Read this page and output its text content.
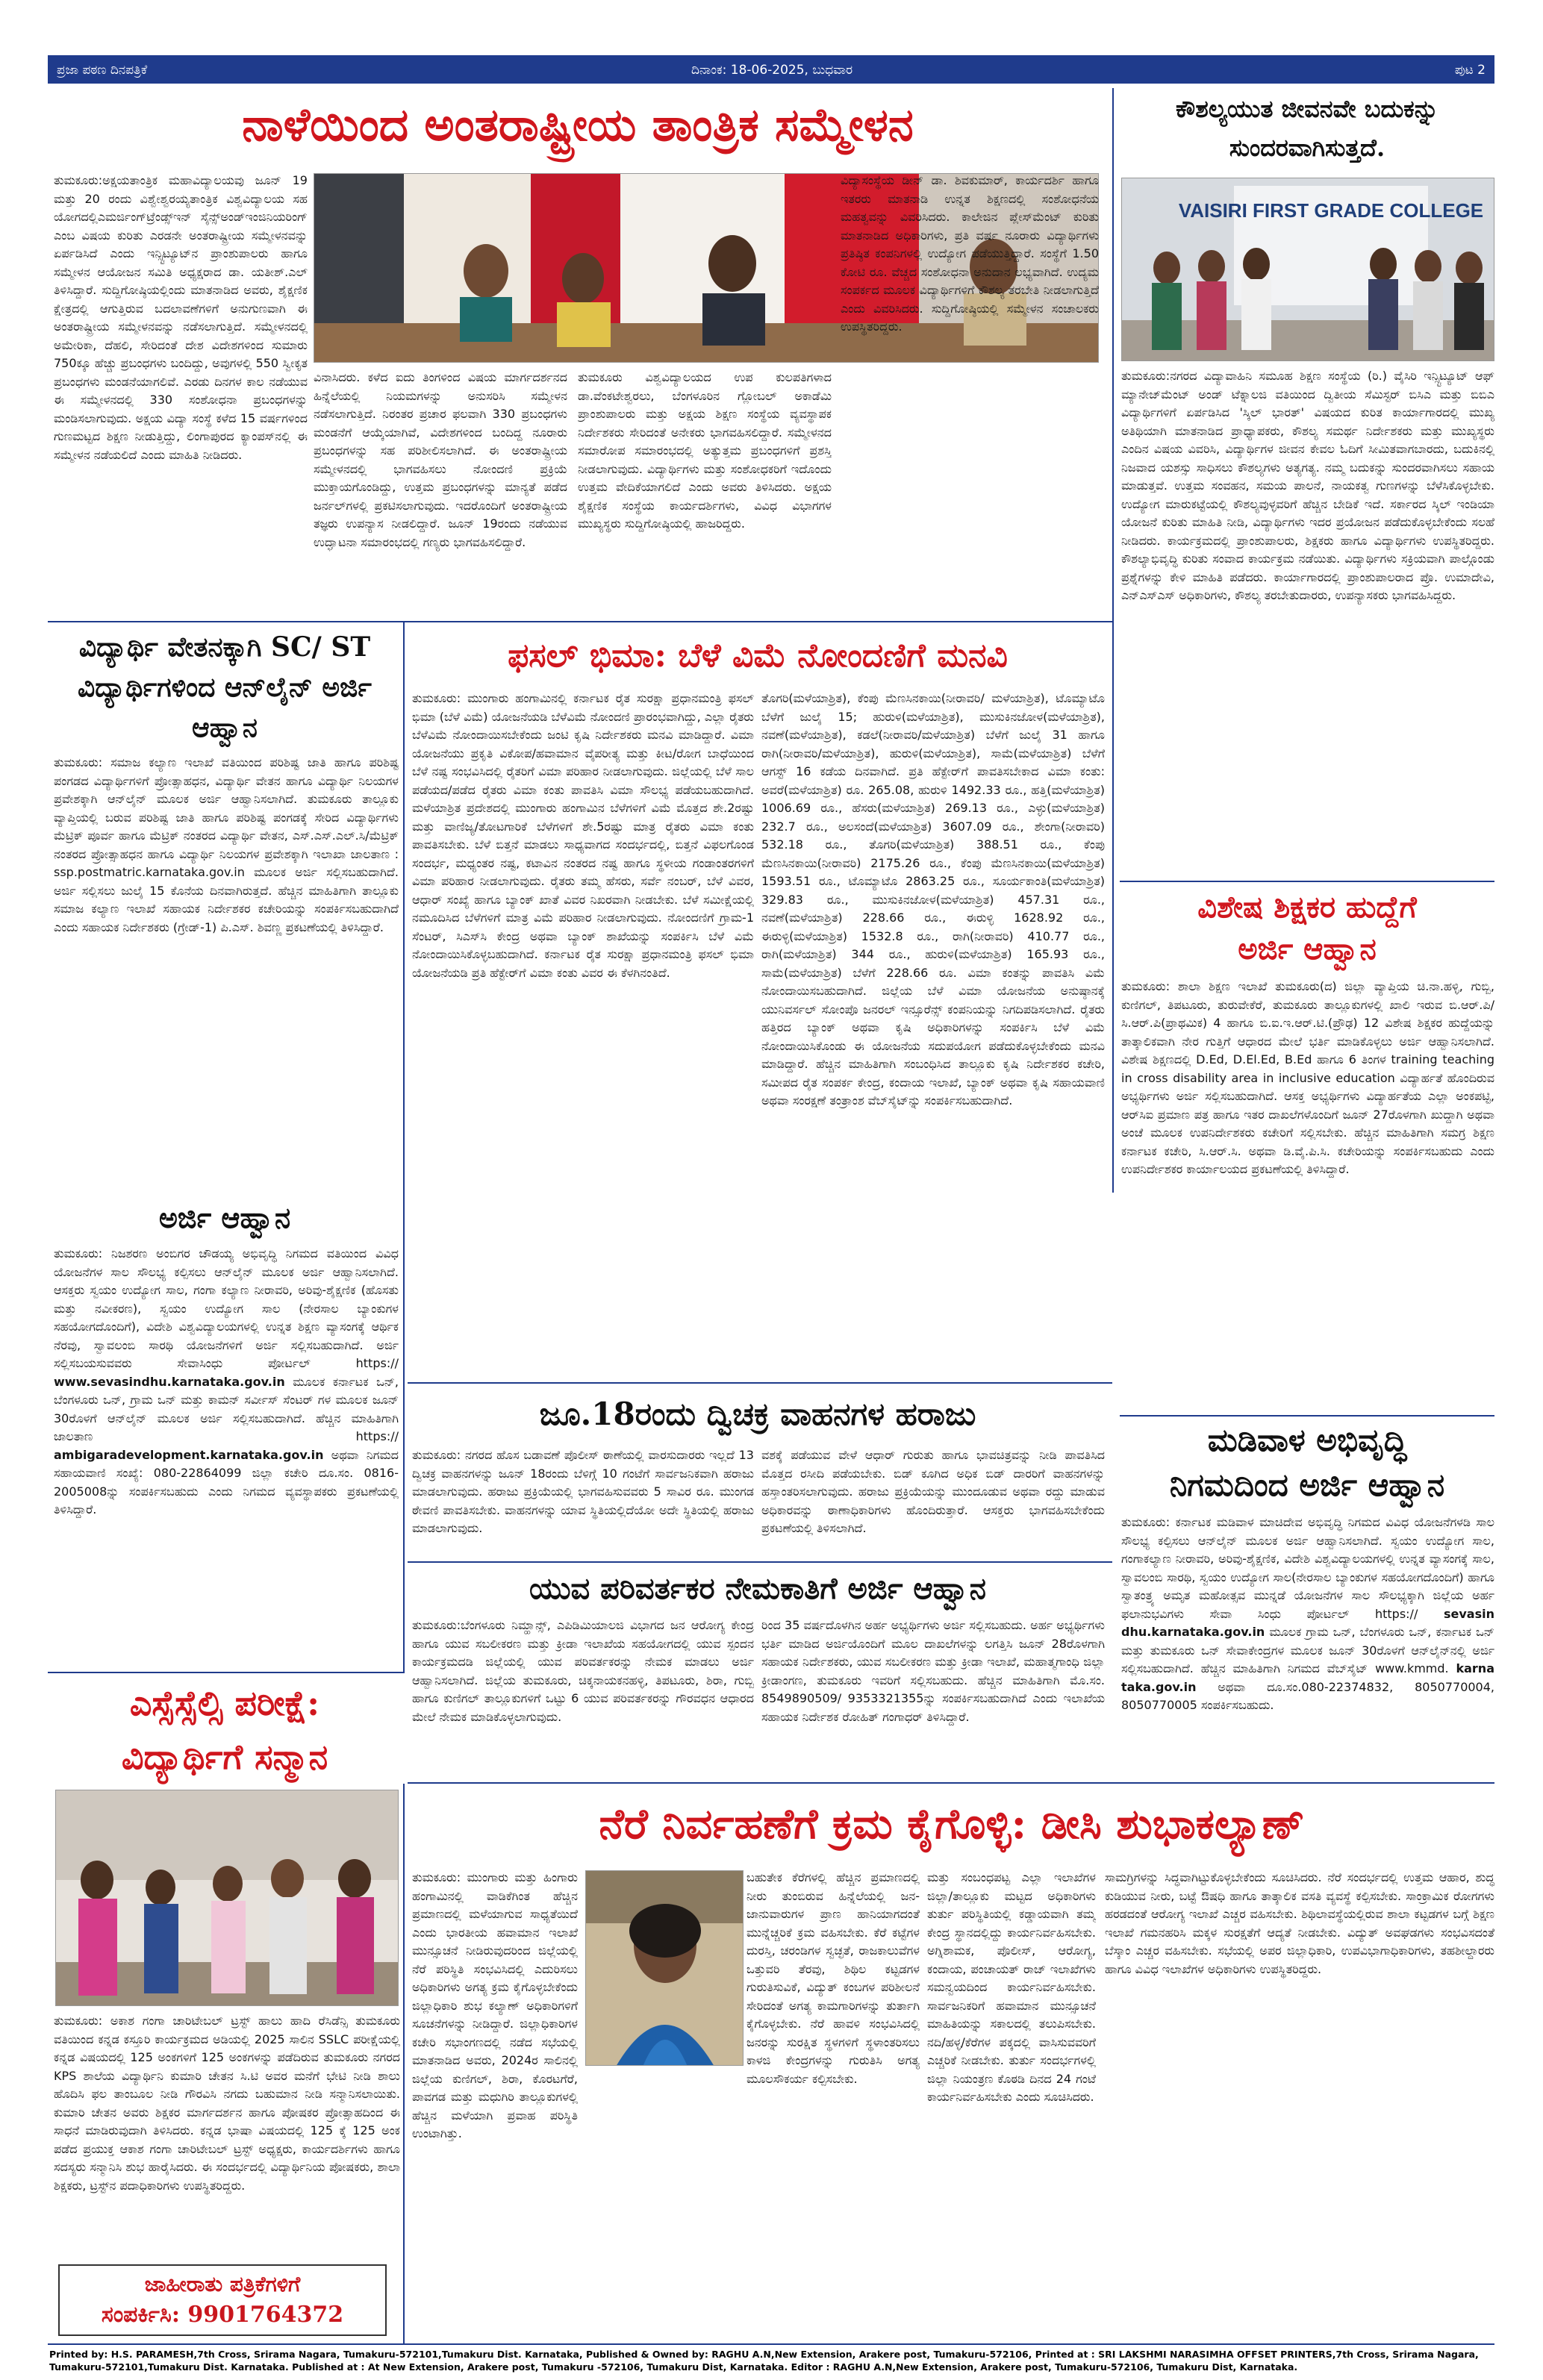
ಪ್ರಜಾ ಪಠಣ ದಿನಪತ್ರಿಕೆ	ದಿನಾಂಕ: 18-06-2025, ಬುಧವಾರ	ಪುಟ 2
ನಾಳೆಯಿಂದ ಅಂತರಾಷ್ಟ್ರೀಯ ತಾಂತ್ರಿಕ ಸಮ್ಮೇಳನ
ತುಮಕೂರು:ಅಕ್ಷಯತಾಂತ್ರಿಕ ಮಹಾವಿದ್ಯಾಲಯವು ಜೂನ್ 19 ಮತ್ತು 20 ರಂದು ವಿಶ್ವೇಶ್ವರಯ್ಯತಾಂತ್ರಿಕ ವಿಶ್ವವಿದ್ಯಾಲಯ ಸಹ ಯೋಗದಲ್ಲಿಎಮರ್ಜಿಂಗ್‌ಟ್ರೆಂಡ್ಸ್‌ಇನ್ ಸೈನ್ಸ್‌ಅಂಡ್‌ಇಂಜಿನಿಯರಿಂಗ್ ಎಂಬ ವಿಷಯ ಕುರಿತು ಎರಡನೇ ಅಂತರಾಷ್ಟ್ರೀಯ ಸಮ್ಮೇಳನವನ್ನು ಏರ್ಪಡಿಸಿದೆ ಎಂದು ಇನ್ಸ್ಟಿಟ್ಯೂಟ್‌ನ ಪ್ರಾಂಶುಪಾಲರು ಹಾಗೂ ಸಮ್ಮೇಳನ ಆಯೋಜನ ಸಮಿತಿ ಅಧ್ಯಕ್ಷರಾದ ಡಾ. ಯತೀಶ್.ಎಲ್ ತಿಳಿಸಿದ್ದಾರೆ. ಸುದ್ದಿಗೋಷ್ಠಿಯಲ್ಲಿಂದು ಮಾತನಾಡಿದ ಅವರು, ಶೈಕ್ಷಣಿಕ ಕ್ಷೇತ್ರದಲ್ಲಿ ಆಗುತ್ತಿರುವ ಬದಲಾವಣೆಗಳಿಗೆ ಅನುಗುಣವಾಗಿ ಈ ಅಂತರಾಷ್ಟ್ರೀಯ ಸಮ್ಮೇಳನವನ್ನು ನಡೆಸಲಾಗುತ್ತಿದೆ. ಸಮ್ಮೇಳನದಲ್ಲಿ ಅಮೇರಿಕಾ, ದೆಹಲಿ, ಸೇರಿದಂತೆ ದೇಶ ವಿದೇಶಗಳಿಂದ ಸುಮಾರು 750ಕ್ಕೂ ಹೆಚ್ಚು ಪ್ರಬಂಧಗಳು ಬಂದಿದ್ದು, ಅವುಗಳಲ್ಲಿ 550 ಸ್ವೀಕೃತ ಪ್ರಬಂಧಗಳು ಮಂಡನೆಯಾಗಲಿವೆ. ಎರಡು ದಿನಗಳ ಕಾಲ ನಡೆಯುವ ಈ ಸಮ್ಮೇಳನದಲ್ಲಿ 330 ಸಂಶೋಧನಾ ಪ್ರಬಂಧಗಳನ್ನು ಮಂಡಿಸಲಾಗುವುದು. ಅಕ್ಷಯ ವಿದ್ಯಾ ಸಂಸ್ಥೆ ಕಳೆದ 15 ವರ್ಷಗಳಿಂದ ಗುಣಮಟ್ಟದ ಶಿಕ್ಷಣ ನೀಡುತ್ತಿದ್ದು, ಲಿಂಗಾಪುರದ ಕ್ಯಾಂಪಸ್‌ನಲ್ಲಿ ಈ ಸಮ್ಮೇಳನ ನಡೆಯಲಿದೆ ಎಂದು ಮಾಹಿತಿ ನೀಡಿದರು.
ವಿನಾಸಿದರು. ಕಳೆದ ಐದು ತಿಂಗಳಿಂದ ವಿಷಯ ಮಾರ್ಗದರ್ಶನದ ಹಿನ್ನೆಲೆಯಲ್ಲಿ ನಿಯಮಗಳನ್ನು ಅನುಸರಿಸಿ ಸಮ್ಮೇಳನ ನಡೆಸಲಾಗುತ್ತಿದೆ. ನಿರಂತರ ಪ್ರಚಾರ ಫಲವಾಗಿ 330 ಪ್ರಬಂಧಗಳು ಮಂಡನೆಗೆ ಆಯ್ಕೆಯಾಗಿವೆ, ವಿದೇಶಗಳಿಂದ ಬಂದಿದ್ದ ನೂರಾರು ಪ್ರಬಂಧಗಳನ್ನು ಸಹ ಪರಿಶೀಲಿಸಲಾಗಿದೆ. ಈ ಅಂತರಾಷ್ಟ್ರೀಯ ಸಮ್ಮೇಳನದಲ್ಲಿ ಭಾಗವಹಿಸಲು ನೋಂದಣಿ ಪ್ರಕ್ರಿಯೆ ಮುಕ್ತಾಯಗೊಂಡಿದ್ದು, ಉತ್ತಮ ಪ್ರಬಂಧಗಳನ್ನು ಮಾನ್ಯತೆ ಪಡೆದ ಜರ್ನಲ್‌ಗಳಲ್ಲಿ ಪ್ರಕಟಿಸಲಾಗುವುದು. ಇದರೊಂದಿಗೆ ಅಂತರಾಷ್ಟ್ರೀಯ ತಜ್ಞರು ಉಪನ್ಯಾಸ ನೀಡಲಿದ್ದಾರೆ. ಜೂನ್ 19ರಂದು ನಡೆಯುವ ಉದ್ಘಾಟನಾ ಸಮಾರಂಭದಲ್ಲಿ ಗಣ್ಯರು ಭಾಗವಹಿಸಲಿದ್ದಾರೆ.
ತುಮಕೂರು ವಿಶ್ವವಿದ್ಯಾಲಯದ ಉಪ ಕುಲಪತಿಗಳಾದ ಡಾ.ವೆಂಕಟೇಶ್ವರಲು, ಬೆಂಗಳೂರಿನ ಗ್ಲೋಬಲ್ ಅಕಾಡೆಮಿ ಪ್ರಾಂಶುಪಾಲರು ಮತ್ತು ಅಕ್ಷಯ ಶಿಕ್ಷಣ ಸಂಸ್ಥೆಯ ವ್ಯವಸ್ಥಾಪಕ ನಿರ್ದೇಶಕರು ಸೇರಿದಂತೆ ಅನೇಕರು ಭಾಗವಹಿಸಲಿದ್ದಾರೆ. ಸಮ್ಮೇಳನದ ಸಮಾರೋಪ ಸಮಾರಂಭದಲ್ಲಿ ಅತ್ಯುತ್ತಮ ಪ್ರಬಂಧಗಳಿಗೆ ಪ್ರಶಸ್ತಿ ನೀಡಲಾಗುವುದು. ವಿದ್ಯಾರ್ಥಿಗಳು ಮತ್ತು ಸಂಶೋಧಕರಿಗೆ ಇದೊಂದು ಉತ್ತಮ ವೇದಿಕೆಯಾಗಲಿದೆ ಎಂದು ಅವರು ತಿಳಿಸಿದರು. ಅಕ್ಷಯ ಶೈಕ್ಷಣಿಕ ಸಂಸ್ಥೆಯ ಕಾರ್ಯದರ್ಶಿಗಳು, ವಿವಿಧ ವಿಭಾಗಗಳ ಮುಖ್ಯಸ್ಥರು ಸುದ್ದಿಗೋಷ್ಠಿಯಲ್ಲಿ ಹಾಜರಿದ್ದರು.
ವಿದ್ಯಾಸಂಸ್ಥೆಯ ಡೀನ್ ಡಾ. ಶಿವಕುಮಾರ್, ಕಾರ್ಯದರ್ಶಿ ಹಾಗೂ ಇತರರು ಮಾತನಾಡಿ ಉನ್ನತ ಶಿಕ್ಷಣದಲ್ಲಿ ಸಂಶೋಧನೆಯ ಮಹತ್ವವನ್ನು ವಿವರಿಸಿದರು. ಕಾಲೇಜಿನ ಪ್ಲೇಸ್‌ಮೆಂಟ್ ಕುರಿತು ಮಾತನಾಡಿದ ಅಧಿಕಾರಿಗಳು, ಪ್ರತಿ ವರ್ಷ ನೂರಾರು ವಿದ್ಯಾರ್ಥಿಗಳು ಪ್ರತಿಷ್ಠಿತ ಕಂಪನಿಗಳಲ್ಲಿ ಉದ್ಯೋಗ ಪಡೆಯುತ್ತಿದ್ದಾರೆ. ಸಂಸ್ಥೆಗೆ 1.50 ಕೋಟಿ ರೂ. ವೆಚ್ಚದ ಸಂಶೋಧನಾ ಅನುದಾನ ಲಭ್ಯವಾಗಿದೆ. ಉದ್ಯಮ ಸಂಪರ್ಕದ ಮೂಲಕ ವಿದ್ಯಾರ್ಥಿಗಳಿಗೆ ಕೌಶಲ್ಯ ತರಬೇತಿ ನೀಡಲಾಗುತ್ತಿದೆ ಎಂದು ವಿವರಿಸಿದರು. ಸುದ್ದಿಗೋಷ್ಠಿಯಲ್ಲಿ ಸಮ್ಮೇಳನ ಸಂಚಾಲಕರು ಉಪಸ್ಥಿತರಿದ್ದರು.
ಕೌಶಲ್ಯಯುತ ಜೀವನವೇ ಬದುಕನ್ನು ಸುಂದರವಾಗಿಸುತ್ತದೆ.
VAISIRI FIRST GRADE COLLEGE
ತುಮಕೂರು:ನಗರದ ವಿದ್ಯಾವಾಹಿನಿ ಸಮೂಹ ಶಿಕ್ಷಣ ಸಂಸ್ಥೆಯ (ರಿ.) ವೈಸಿರಿ ಇನ್ಸ್ಟಿಟ್ಯೂಟ್ ಆಫ್ ಮ್ಯಾನೇಜ್‌ಮೆಂಟ್ ಅಂಡ್ ಟೆಕ್ನಾಲಜಿ ವತಿಯಿಂದ ದ್ವಿತೀಯ ಸೆಮಿಸ್ಟರ್ ಬಿಸಿಎ ಮತ್ತು ಬಿಬಿಎ ವಿದ್ಯಾರ್ಥಿಗಳಿಗೆ ಏರ್ಪಡಿಸಿದ 'ಸ್ಕಿಲ್ ಭಾರತ್' ವಿಷಯದ ಕುರಿತ ಕಾರ್ಯಾಗಾರದಲ್ಲಿ ಮುಖ್ಯ ಅತಿಥಿಯಾಗಿ ಮಾತನಾಡಿದ ಪ್ರಾಧ್ಯಾಪಕರು, ಕೌಶಲ್ಯ ಸಮರ್ಥ ನಿರ್ದೇಶಕರು ಮತ್ತು ಮುಖ್ಯಸ್ಥರು ಎಂದಿನ ವಿಷಯ ವಿವರಿಸಿ, ವಿದ್ಯಾರ್ಥಿಗಳ ಜೀವನ ಕೇವಲ ಓದಿಗೆ ಸೀಮಿತವಾಗಬಾರದು, ಬದುಕಿನಲ್ಲಿ ನಿಜವಾದ ಯಶಸ್ಸು ಸಾಧಿಸಲು ಕೌಶಲ್ಯಗಳು ಅತ್ಯಗತ್ಯ. ನಮ್ಮ ಬದುಕನ್ನು ಸುಂದರವಾಗಿಸಲು ಸಹಾಯ ಮಾಡುತ್ತವೆ. ಉತ್ತಮ ಸಂವಹನ, ಸಮಯ ಪಾಲನೆ, ನಾಯಕತ್ವ ಗುಣಗಳನ್ನು ಬೆಳೆಸಿಕೊಳ್ಳಬೇಕು. ಉದ್ಯೋಗ ಮಾರುಕಟ್ಟೆಯಲ್ಲಿ ಕೌಶಲ್ಯವುಳ್ಳವರಿಗೆ ಹೆಚ್ಚಿನ ಬೇಡಿಕೆ ಇದೆ. ಸರ್ಕಾರದ ಸ್ಕಿಲ್ ಇಂಡಿಯಾ ಯೋಜನೆ ಕುರಿತು ಮಾಹಿತಿ ನೀಡಿ, ವಿದ್ಯಾರ್ಥಿಗಳು ಇದರ ಪ್ರಯೋಜನ ಪಡೆದುಕೊಳ್ಳಬೇಕೆಂದು ಸಲಹೆ ನೀಡಿದರು. ಕಾರ್ಯಕ್ರಮದಲ್ಲಿ ಪ್ರಾಂಶುಪಾಲರು, ಶಿಕ್ಷಕರು ಹಾಗೂ ವಿದ್ಯಾರ್ಥಿಗಳು ಉಪಸ್ಥಿತರಿದ್ದರು. ಕೌಶಲ್ಯಾಭಿವೃದ್ಧಿ ಕುರಿತು ಸಂವಾದ ಕಾರ್ಯಕ್ರಮ ನಡೆಯಿತು. ವಿದ್ಯಾರ್ಥಿಗಳು ಸಕ್ರಿಯವಾಗಿ ಪಾಲ್ಗೊಂಡು ಪ್ರಶ್ನೆಗಳನ್ನು ಕೇಳಿ ಮಾಹಿತಿ ಪಡೆದರು. ಕಾರ್ಯಾಗಾರದಲ್ಲಿ ಪ್ರಾಂಶುಪಾಲರಾದ ಪ್ರೊ. ಉಮಾದೇವಿ, ಎನ್‌ಎಸ್ಎಸ್ ಅಧಿಕಾರಿಗಳು, ಕೌಶಲ್ಯ ತರಬೇತುದಾರರು, ಉಪನ್ಯಾಸಕರು ಭಾಗವಹಿಸಿದ್ದರು.
ವಿಶೇಷ ಶಿಕ್ಷಕರ ಹುದ್ದೆಗೆ
ಅರ್ಜಿ ಆಹ್ವಾನ
ತುಮಕೂರು: ಶಾಲಾ ಶಿಕ್ಷಣ ಇಲಾಖೆ ತುಮಕೂರು(ದ) ಜಿಲ್ಲಾ ವ್ಯಾಪ್ತಿಯ ಚಿ.ನಾ.ಹಳ್ಳಿ, ಗುಬ್ಬಿ, ಕುಣಿಗಲ್, ತಿಪಟೂರು, ತುರುವೇಕೆರೆ, ತುಮಕೂರು ತಾಲ್ಲೂಕುಗಳಲ್ಲಿ ಖಾಲಿ ಇರುವ ಬಿ.ಆರ್.ಪಿ/ಸಿ.ಆರ್.ಪಿ(ಪ್ರಾಥಮಿಕ) 4 ಹಾಗೂ ಬಿ.ಐ.ಇ.ಆರ್.ಟಿ.(ಪ್ರೌಢ) 12 ವಿಶೇಷ ಶಿಕ್ಷಕರ ಹುದ್ದೆಯನ್ನು ತಾತ್ಕಾಲಿಕವಾಗಿ ನೇರ ಗುತ್ತಿಗೆ ಆಧಾರದ ಮೇಲೆ ಭರ್ತಿ ಮಾಡಿಕೊಳ್ಳಲು ಅರ್ಜಿ ಆಹ್ವಾನಿಸಲಾಗಿದೆ. ವಿಶೇಷ ಶಿಕ್ಷಣದಲ್ಲಿ D.Ed, D.El.Ed, B.Ed ಹಾಗೂ 6 ತಿಂಗಳ training teaching in cross disability area in inclusive education ವಿದ್ಯಾರ್ಹತೆ ಹೊಂದಿರುವ ಅಭ್ಯರ್ಥಿಗಳು ಅರ್ಜಿ ಸಲ್ಲಿಸಬಹುದಾಗಿದೆ. ಆಸಕ್ತ ಅಭ್ಯರ್ಥಿಗಳು ವಿದ್ಯಾರ್ಹತೆಯ ಎಲ್ಲಾ ಅಂಕಪಟ್ಟಿ, ಆರ್‌ಸಿಐ ಪ್ರಮಾಣ ಪತ್ರ ಹಾಗೂ ಇತರ ದಾಖಲೆಗಳೊಂದಿಗೆ ಜೂನ್ 27ರೊಳಗಾಗಿ ಖುದ್ದಾಗಿ ಅಥವಾ ಅಂಚೆ ಮೂಲಕ ಉಪನಿರ್ದೇಶಕರು ಕಚೇರಿಗೆ ಸಲ್ಲಿಸಬೇಕು. ಹೆಚ್ಚಿನ ಮಾಹಿತಿಗಾಗಿ ಸಮಗ್ರ ಶಿಕ್ಷಣ ಕರ್ನಾಟಕ ಕಚೇರಿ, ಸಿ.ಆರ್.ಸಿ. ಅಥವಾ ಡಿ.ವೈ.ಪಿ.ಸಿ. ಕಚೇರಿಯನ್ನು ಸಂಪರ್ಕಿಸಬಹುದು ಎಂದು ಉಪನಿರ್ದೇಶಕರ ಕಾರ್ಯಾಲಯದ ಪ್ರಕಟಣೆಯಲ್ಲಿ ತಿಳಿಸಿದ್ದಾರೆ.
ಮಡಿವಾಳ ಅಭಿವೃದ್ಧಿ
ನಿಗಮದಿಂದ ಅರ್ಜಿ ಆಹ್ವಾನ
ತುಮಕೂರು: ಕರ್ನಾಟಕ ಮಡಿವಾಳ ಮಾಚಿದೇವ ಅಭಿವೃದ್ಧಿ ನಿಗಮದ ವಿವಿಧ ಯೋಜನೆಗಳಡಿ ಸಾಲ ಸೌಲಭ್ಯ ಕಲ್ಪಿಸಲು ಆನ್‌ಲೈನ್ ಮೂಲಕ ಅರ್ಜಿ ಆಹ್ವಾನಿಸಲಾಗಿದೆ. ಸ್ವಯಂ ಉದ್ಯೋಗ ಸಾಲ, ಗಂಗಾಕಲ್ಯಾಣ ನೀರಾವರಿ, ಅರಿವು-ಶೈಕ್ಷಣಿಕ, ವಿದೇಶಿ ವಿಶ್ವವಿದ್ಯಾಲಯಗಳಲ್ಲಿ ಉನ್ನತ ವ್ಯಾಸಂಗಕ್ಕೆ ಸಾಲ, ಸ್ವಾವಲಂಬಿ ಸಾರಥಿ, ಸ್ವಯಂ ಉದ್ಯೋಗ ಸಾಲ(ನೇರಸಾಲ ಬ್ಯಾಂಕುಗಳ ಸಹಯೋಗದೊಂದಿಗೆ) ಹಾಗೂ ಸ್ವಾತಂತ್ರ್ಯ ಅಮೃತ ಮಹೋತ್ಸವ ಮುನ್ನಡೆ ಯೋಜನೆಗಳ ಸಾಲ ಸೌಲಭ್ಯಕ್ಕಾಗಿ ಜಿಲ್ಲೆಯ ಅರ್ಹ ಫಲಾನುಭವಿಗಳು ಸೇವಾ ಸಿಂಧು ಪೋರ್ಟಲ್ https:// sevasin dhu.karnataka.gov.in ಮೂಲಕ ಗ್ರಾಮ ಒನ್, ಬೆಂಗಳೂರು ಒನ್, ಕರ್ನಾಟಕ ಒನ್ ಮತ್ತು ತುಮಕೂರು ಒನ್ ಸೇವಾಕೇಂದ್ರಗಳ ಮೂಲಕ ಜೂನ್ 30ರೊಳಗೆ ಆನ್‌ಲೈನ್‌ನಲ್ಲಿ ಅರ್ಜಿ ಸಲ್ಲಿಸಬಹುದಾಗಿದೆ. ಹೆಚ್ಚಿನ ಮಾಹಿತಿಗಾಗಿ ನಿಗಮದ ವೆಬ್‌ಸೈಟ್ www.kmmd. karna taka.gov.in ಅಥವಾ ದೂ.ಸಂ.080-22374832, 8050770004, 8050770005 ಸಂಪರ್ಕಿಸಬಹುದು.
ವಿದ್ಯಾರ್ಥಿ ವೇತನಕ್ಕಾಗಿ SC/ ST ವಿದ್ಯಾರ್ಥಿಗಳಿಂದ ಆನ್‌ಲೈನ್ ಅರ್ಜಿ ಆಹ್ವಾನ
ತುಮಕೂರು: ಸಮಾಜ ಕಲ್ಯಾಣ ಇಲಾಖೆ ವತಿಯಿಂದ ಪರಿಶಿಷ್ಟ ಜಾತಿ ಹಾಗೂ ಪರಿಶಿಷ್ಟ ಪಂಗಡದ ವಿದ್ಯಾರ್ಥಿಗಳಿಗೆ ಪ್ರೋತ್ಸಾಹಧನ, ವಿದ್ಯಾರ್ಥಿ ವೇತನ ಹಾಗೂ ವಿದ್ಯಾರ್ಥಿ ನಿಲಯಗಳ ಪ್ರವೇಶಕ್ಕಾಗಿ ಆನ್‌ಲೈನ್ ಮೂಲಕ ಅರ್ಜಿ ಆಹ್ವಾನಿಸಲಾಗಿದೆ. ತುಮಕೂರು ತಾಲ್ಲೂಕು ವ್ಯಾಪ್ತಿಯಲ್ಲಿ ಬರುವ ಪರಿಶಿಷ್ಟ ಜಾತಿ ಹಾಗೂ ಪರಿಶಿಷ್ಟ ಪಂಗಡಕ್ಕೆ ಸೇರಿದ ವಿದ್ಯಾರ್ಥಿಗಳು ಮೆಟ್ರಿಕ್ ಪೂರ್ವ ಹಾಗೂ ಮೆಟ್ರಿಕ್ ನಂತರದ ವಿದ್ಯಾರ್ಥಿ ವೇತನ, ಎಸ್.ಎಸ್.ಎಲ್.ಸಿ/ಮೆಟ್ರಿಕ್ ನಂತರದ ಪ್ರೋತ್ಸಾಹಧನ ಹಾಗೂ ವಿದ್ಯಾರ್ಥಿ ನಿಲಯಗಳ ಪ್ರವೇಶಕ್ಕಾಗಿ ಇಲಾಖಾ ಜಾಲತಾಣ : ssp.postmatric.karnataka.gov.in ಮೂಲಕ ಅರ್ಜಿ ಸಲ್ಲಿಸಬಹುದಾಗಿದೆ. ಅರ್ಜಿ ಸಲ್ಲಿಸಲು ಜುಲೈ 15 ಕೊನೆಯ ದಿನವಾಗಿರುತ್ತದೆ. ಹೆಚ್ಚಿನ ಮಾಹಿತಿಗಾಗಿ ತಾಲ್ಲೂಕು ಸಮಾಜ ಕಲ್ಯಾಣ ಇಲಾಖೆ ಸಹಾಯಕ ನಿರ್ದೇಶಕರ ಕಚೇರಿಯನ್ನು ಸಂಪರ್ಕಿಸಬಹುದಾಗಿದೆ ಎಂದು ಸಹಾಯಕ ನಿರ್ದೇಶಕರು (ಗ್ರೇಡ್-1) ಪಿ.ಎಸ್. ಶಿವಣ್ಣ ಪ್ರಕಟಣೆಯಲ್ಲಿ ತಿಳಿಸಿದ್ದಾರೆ.
ಅರ್ಜಿ ಆಹ್ವಾನ
ತುಮಕೂರು: ನಿಜಶರಣ ಅಂಬಿಗರ ಚೌಡಯ್ಯ ಅಭಿವೃದ್ಧಿ ನಿಗಮದ ವತಿಯಿಂದ ವಿವಿಧ ಯೋಜನೆಗಳ ಸಾಲ ಸೌಲಭ್ಯ ಕಲ್ಪಿಸಲು ಆನ್‌ಲೈನ್ ಮೂಲಕ ಅರ್ಜಿ ಆಹ್ವಾನಿಸಲಾಗಿದೆ. ಆಸಕ್ತರು ಸ್ವಯಂ ಉದ್ಯೋಗ ಸಾಲ, ಗಂಗಾ ಕಲ್ಯಾಣ ನೀರಾವರಿ, ಅರಿವು-ಶೈಕ್ಷಣಿಕ (ಹೊಸತು ಮತ್ತು ನವೀಕರಣ), ಸ್ವಯಂ ಉದ್ಯೋಗ ಸಾಲ (ನೇರಸಾಲ ಬ್ಯಾಂಕುಗಳ ಸಹಯೋಗದೊಂದಿಗೆ), ವಿದೇಶಿ ವಿಶ್ವವಿದ್ಯಾಲಯಗಳಲ್ಲಿ ಉನ್ನತ ಶಿಕ್ಷಣ ವ್ಯಾಸಂಗಕ್ಕೆ ಆರ್ಥಿಕ ನೆರವು, ಸ್ವಾವಲಂಬಿ ಸಾರಥಿ ಯೋಜನೆಗಳಿಗೆ ಅರ್ಜಿ ಸಲ್ಲಿಸಬಹುದಾಗಿದೆ. ಅರ್ಜಿ ಸಲ್ಲಿಸಬಯಸುವವರು ಸೇವಾಸಿಂಧು ಪೋರ್ಟಲ್ https:// www.sevasindhu.karnataka.gov.in ಮೂಲಕ ಕರ್ನಾಟಕ ಒನ್, ಬೆಂಗಳೂರು ಒನ್, ಗ್ರಾಮ ಒನ್ ಮತ್ತು ಕಾಮನ್ ಸರ್ವೀಸ್ ಸೆಂಟರ್ ಗಳ ಮೂಲಕ ಜೂನ್ 30ರೊಳಗೆ ಆನ್‌ಲೈನ್ ಮೂಲಕ ಅರ್ಜಿ ಸಲ್ಲಿಸಬಹುದಾಗಿದೆ. ಹೆಚ್ಚಿನ ಮಾಹಿತಿಗಾಗಿ ಜಾಲತಾಣ https:// ambigaradevelopment.karnataka.gov.in ಅಥವಾ ನಿಗಮದ ಸಹಾಯವಾಣಿ ಸಂಖ್ಯೆ: 080-22864099 ಜಿಲ್ಲಾ ಕಚೇರಿ ದೂ.ಸಂ. 0816-2005008ನ್ನು ಸಂಪರ್ಕಿಸಬಹುದು ಎಂದು ನಿಗಮದ ವ್ಯವಸ್ಥಾಪಕರು ಪ್ರಕಟಣೆಯಲ್ಲಿ ತಿಳಿಸಿದ್ದಾರೆ.
ಫಸಲ್ ಭಿಮಾ: ಬೆಳೆ ವಿಮೆ ನೋಂದಣಿಗೆ ಮನವಿ
ತುಮಕೂರು: ಮುಂಗಾರು ಹಂಗಾಮಿನಲ್ಲಿ ಕರ್ನಾಟಕ ರೈತ ಸುರಕ್ಷಾ ಪ್ರಧಾನಮಂತ್ರಿ ಫಸಲ್ ಭಿಮಾ (ಬೆಳೆ ವಿಮೆ) ಯೋಜನೆಯಡಿ ಬೆಳೆವಿಮೆ ನೋಂದಣಿ ಪ್ರಾರಂಭವಾಗಿದ್ದು, ಎಲ್ಲಾ ರೈತರು ಬೆಳೆವಿಮೆ ನೋಂದಾಯಿಸಬೇಕೆಂದು ಜಂಟಿ ಕೃಷಿ ನಿರ್ದೇಶಕರು ಮನವಿ ಮಾಡಿದ್ದಾರೆ. ವಿಮಾ ಯೋಜನೆಯು ಪ್ರಕೃತಿ ವಿಕೋಪ/ಹವಾಮಾನ ವೈಪರೀತ್ಯ ಮತ್ತು ಕೀಟ/ರೋಗ ಬಾಧೆಯಿಂದ ಬೆಳೆ ನಷ್ಟ ಸಂಭವಿಸಿದಲ್ಲಿ ರೈತರಿಗೆ ವಿಮಾ ಪರಿಹಾರ ನೀಡಲಾಗುವುದು. ಜಿಲ್ಲೆಯಲ್ಲಿ ಬೆಳೆ ಸಾಲ ಪಡೆಯದ/ಪಡೆದ ರೈತರು ವಿಮಾ ಕಂತು ಪಾವತಿಸಿ ವಿಮಾ ಸೌಲಭ್ಯ ಪಡೆಯಬಹುದಾಗಿದೆ. ಮಳೆಯಾಶ್ರಿತ ಪ್ರದೇಶದಲ್ಲಿ ಮುಂಗಾರು ಹಂಗಾಮಿನ ಬೆಳೆಗಳಿಗೆ ವಿಮೆ ಮೊತ್ತದ ಶೇ.2ರಷ್ಟು ಮತ್ತು ವಾಣಿಜ್ಯ/ತೋಟಗಾರಿಕೆ ಬೆಳೆಗಳಿಗೆ ಶೇ.5ರಷ್ಟು ಮಾತ್ರ ರೈತರು ವಿಮಾ ಕಂತು ಪಾವತಿಸಬೇಕು. ಬೆಳೆ ಬಿತ್ತನೆ ಮಾಡಲು ಸಾಧ್ಯವಾಗದ ಸಂದರ್ಭದಲ್ಲಿ, ಬಿತ್ತನೆ ವಿಫಲಗೊಂಡ ಸಂದರ್ಭ, ಮಧ್ಯಂತರ ನಷ್ಟ, ಕಟಾವಿನ ನಂತರದ ನಷ್ಟ ಹಾಗೂ ಸ್ಥಳೀಯ ಗಂಡಾಂತರಗಳಿಗೆ ವಿಮಾ ಪರಿಹಾರ ನೀಡಲಾಗುವುದು. ರೈತರು ತಮ್ಮ ಹೆಸರು, ಸರ್ವೆ ನಂಬರ್, ಬೆಳೆ ವಿವರ, ಆಧಾರ್ ಸಂಖ್ಯೆ ಹಾಗೂ ಬ್ಯಾಂಕ್ ಖಾತೆ ವಿವರ ನಿಖರವಾಗಿ ನೀಡಬೇಕು. ಬೆಳೆ ಸಮೀಕ್ಷೆಯಲ್ಲಿ ನಮೂದಿಸಿದ ಬೆಳೆಗಳಿಗೆ ಮಾತ್ರ ವಿಮೆ ಪರಿಹಾರ ನೀಡಲಾಗುವುದು. ನೋಂದಣಿಗೆ ಗ್ರಾಮ-1 ಸೆಂಟರ್, ಸಿಎಸ್‌ಸಿ ಕೇಂದ್ರ ಅಥವಾ ಬ್ಯಾಂಕ್ ಶಾಖೆಯನ್ನು ಸಂಪರ್ಕಿಸಿ ಬೆಳೆ ವಿಮೆ ನೋಂದಾಯಿಸಿಕೊಳ್ಳಬಹುದಾಗಿದೆ. ಕರ್ನಾಟಕ ರೈತ ಸುರಕ್ಷಾ ಪ್ರಧಾನಮಂತ್ರಿ ಫಸಲ್ ಭಿಮಾ ಯೋಜನೆಯಡಿ ಪ್ರತಿ ಹೆಕ್ಟೇರ್‌ಗೆ ವಿಮಾ ಕಂತು ವಿವರ ಈ ಕೆಳಗಿನಂತಿದೆ.
ತೊಗರಿ(ಮಳೆಯಾಶ್ರಿತ), ಕೆಂಪು ಮೆಣಸಿನಕಾಯಿ(ನೀರಾವರಿ/ ಮಳೆಯಾಶ್ರಿತ), ಟೊಮ್ಯಾಟೊ ಬೆಳೆಗೆ ಜುಲೈ 15; ಹುರುಳಿ(ಮಳೆಯಾಶ್ರಿತ), ಮುಸುಕಿನಜೋಳ(ಮಳೆಯಾಶ್ರಿತ), ನವಣೆ(ಮಳೆಯಾಶ್ರಿತ), ಕಡಲೆ(ನೀರಾವರಿ/ಮಳೆಯಾಶ್ರಿತ) ಬೆಳೆಗೆ ಜುಲೈ 31 ಹಾಗೂ ರಾಗಿ(ನೀರಾವರಿ/ಮಳೆಯಾಶ್ರಿತ), ಹುರುಳಿ(ಮಳೆಯಾಶ್ರಿತ), ಸಾಮೆ(ಮಳೆಯಾಶ್ರಿತ) ಬೆಳೆಗೆ ಆಗಸ್ಟ್ 16 ಕಡೆಯ ದಿನವಾಗಿದೆ. ಪ್ರತಿ ಹೆಕ್ಟೇರ್‌ಗೆ ಪಾವತಿಸಬೇಕಾದ ವಿಮಾ ಕಂತು: ಅವರೆ(ಮಳೆಯಾಶ್ರಿತ) ರೂ. 265.08, ಹುರುಳಿ 1492.33 ರೂ., ಹತ್ತಿ(ಮಳೆಯಾಶ್ರಿತ) 1006.69 ರೂ., ಹೆಸರು(ಮಳೆಯಾಶ್ರಿತ) 269.13 ರೂ., ಎಳ್ಳು(ಮಳೆಯಾಶ್ರಿತ) 232.7 ರೂ., ಅಲಸಂದೆ(ಮಳೆಯಾಶ್ರಿತ) 3607.09 ರೂ., ಶೇಂಗಾ(ನೀರಾವರಿ) 532.18 ರೂ., ತೊಗರಿ(ಮಳೆಯಾಶ್ರಿತ) 388.51 ರೂ., ಕೆಂಪು ಮೆಣಸಿನಕಾಯಿ(ನೀರಾವರಿ) 2175.26 ರೂ., ಕೆಂಪು ಮೆಣಸಿನಕಾಯಿ(ಮಳೆಯಾಶ್ರಿತ) 1593.51 ರೂ., ಟೊಮ್ಯಾಟೊ 2863.25 ರೂ., ಸೂರ್ಯಕಾಂತಿ(ಮಳೆಯಾಶ್ರಿತ) 329.83 ರೂ., ಮುಸುಕಿನಜೋಳ(ಮಳೆಯಾಶ್ರಿತ) 457.31 ರೂ., ನವಣೆ(ಮಳೆಯಾಶ್ರಿತ) 228.66 ರೂ., ಈರುಳ್ಳಿ 1628.92 ರೂ., ಈರುಳ್ಳಿ(ಮಳೆಯಾಶ್ರಿತ) 1532.8 ರೂ., ರಾಗಿ(ನೀರಾವರಿ) 410.77 ರೂ., ರಾಗಿ(ಮಳೆಯಾಶ್ರಿತ) 344 ರೂ., ಹುರುಳಿ(ಮಳೆಯಾಶ್ರಿತ) 165.93 ರೂ., ಸಾಮೆ(ಮಳೆಯಾಶ್ರಿತ) ಬೆಳೆಗೆ 228.66 ರೂ. ವಿಮಾ ಕಂತನ್ನು ಪಾವತಿಸಿ ವಿಮೆ ನೋಂದಾಯಿಸಬಹುದಾಗಿದೆ. ಜಿಲ್ಲೆಯ ಬೆಳೆ ವಿಮಾ ಯೋಜನೆಯ ಅನುಷ್ಠಾನಕ್ಕೆ ಯುನಿವರ್ಸಲ್ ಸೋಂಪೊ ಜನರಲ್ ಇನ್ಸೂರೆನ್ಸ್ ಕಂಪನಿಯನ್ನು ನಿಗದಿಪಡಿಸಲಾಗಿದೆ. ರೈತರು ಹತ್ತಿರದ ಬ್ಯಾಂಕ್ ಅಥವಾ ಕೃಷಿ ಅಧಿಕಾರಿಗಳನ್ನು ಸಂಪರ್ಕಿಸಿ ಬೆಳೆ ವಿಮೆ ನೋಂದಾಯಿಸಿಕೊಂಡು ಈ ಯೋಜನೆಯ ಸದುಪಯೋಗ ಪಡೆದುಕೊಳ್ಳಬೇಕೆಂದು ಮನವಿ ಮಾಡಿದ್ದಾರೆ. ಹೆಚ್ಚಿನ ಮಾಹಿತಿಗಾಗಿ ಸಂಬಂಧಿಸಿದ ತಾಲ್ಲೂಕು ಕೃಷಿ ನಿರ್ದೇಶಕರ ಕಚೇರಿ, ಸಮೀಪದ ರೈತ ಸಂಪರ್ಕ ಕೇಂದ್ರ, ಕಂದಾಯ ಇಲಾಖೆ, ಬ್ಯಾಂಕ್ ಅಥವಾ ಕೃಷಿ ಸಹಾಯವಾಣಿ ಅಥವಾ ಸಂರಕ್ಷಣೆ ತಂತ್ರಾಂಶ ವೆಬ್‌ಸೈಟ್‌ನ್ನು ಸಂಪರ್ಕಿಸಬಹುದಾಗಿದೆ.
ಜೂ.18ರಂದು ದ್ವಿಚಕ್ರ ವಾಹನಗಳ ಹರಾಜು
ತುಮಕೂರು: ನಗರದ ಹೊಸ ಬಡಾವಣೆ ಪೊಲೀಸ್ ಠಾಣೆಯಲ್ಲಿ ವಾರಸುದಾರರು ಇಲ್ಲದೆ 13 ದ್ವಿಚಕ್ರ ವಾಹನಗಳನ್ನು ಜೂನ್ 18ರಂದು ಬೆಳಿಗ್ಗೆ 10 ಗಂಟೆಗೆ ಸಾರ್ವಜನಿಕವಾಗಿ ಹರಾಜು ಮಾಡಲಾಗುವುದು. ಹರಾಜು ಪ್ರಕ್ರಿಯೆಯಲ್ಲಿ ಭಾಗವಹಿಸುವವರು 5 ಸಾವಿರ ರೂ. ಮುಂಗಡ ಠೇವಣಿ ಪಾವತಿಸಬೇಕು. ವಾಹನಗಳನ್ನು ಯಾವ ಸ್ಥಿತಿಯಲ್ಲಿದೆಯೋ ಅದೇ ಸ್ಥಿತಿಯಲ್ಲಿ ಹರಾಜು ಮಾಡಲಾಗುವುದು.
ವಶಕ್ಕೆ ಪಡೆಯುವ ವೇಳೆ ಆಧಾರ್ ಗುರುತು ಹಾಗೂ ಭಾವಚಿತ್ರವನ್ನು ನೀಡಿ ಪಾವತಿಸಿದ ಮೊತ್ತದ ರಸೀದಿ ಪಡೆಯಬೇಕು. ಬಿಡ್ ಕೂಗಿದ ಅಧಿಕ ಬಿಡ್ ದಾರರಿಗೆ ವಾಹನಗಳನ್ನು ಹಸ್ತಾಂತರಿಸಲಾಗುವುದು. ಹರಾಜು ಪ್ರಕ್ರಿಯೆಯನ್ನು ಮುಂದೂಡುವ ಅಥವಾ ರದ್ದು ಮಾಡುವ ಅಧಿಕಾರವನ್ನು ಠಾಣಾಧಿಕಾರಿಗಳು ಹೊಂದಿರುತ್ತಾರೆ. ಆಸಕ್ತರು ಭಾಗವಹಿಸಬೇಕೆಂದು ಪ್ರಕಟಣೆಯಲ್ಲಿ ತಿಳಿಸಲಾಗಿದೆ.
ಯುವ ಪರಿವರ್ತಕರ ನೇಮಕಾತಿಗೆ ಅರ್ಜಿ ಆಹ್ವಾನ
ತುಮಕೂರು:ಬೆಂಗಳೂರು ನಿಮ್ಹಾನ್ಸ್, ಎಪಿಡಿಮಿಯಾಲಜಿ ವಿಭಾಗದ ಜನ ಆರೋಗ್ಯ ಕೇಂದ್ರ ಹಾಗೂ ಯುವ ಸಬಲೀಕರಣ ಮತ್ತು ಕ್ರೀಡಾ ಇಲಾಖೆಯ ಸಹಯೋಗದಲ್ಲಿ ಯುವ ಸ್ಪಂದನ ಕಾರ್ಯಕ್ರಮದಡಿ ಜಿಲ್ಲೆಯಲ್ಲಿ ಯುವ ಪರಿವರ್ತಕರನ್ನು ನೇಮಕ ಮಾಡಲು ಅರ್ಜಿ ಆಹ್ವಾನಿಸಲಾಗಿದೆ. ಜಿಲ್ಲೆಯ ತುಮಕೂರು, ಚಿಕ್ಕನಾಯಕನಹಳ್ಳಿ, ತಿಪಟೂರು, ಶಿರಾ, ಗುಬ್ಬಿ ಹಾಗೂ ಕುಣಿಗಲ್ ತಾಲ್ಲೂಕುಗಳಿಗೆ ಒಟ್ಟು 6 ಯುವ ಪರಿವರ್ತಕರನ್ನು ಗೌರವಧನ ಆಧಾರದ ಮೇಲೆ ನೇಮಕ ಮಾಡಿಕೊಳ್ಳಲಾಗುವುದು.
ರಿಂದ 35 ವರ್ಷದೊಳಗಿನ ಅರ್ಹ ಅಭ್ಯರ್ಥಿಗಳು ಅರ್ಜಿ ಸಲ್ಲಿಸಬಹುದು. ಅರ್ಹ ಅಭ್ಯರ್ಥಿಗಳು ಭರ್ತಿ ಮಾಡಿದ ಅರ್ಜಿಯೊಂದಿಗೆ ಮೂಲ ದಾಖಲೆಗಳನ್ನು ಲಗತ್ತಿಸಿ ಜೂನ್ 28ರೊಳಗಾಗಿ ಸಹಾಯಕ ನಿರ್ದೇಶಕರು, ಯುವ ಸಬಲೀಕರಣ ಮತ್ತು ಕ್ರೀಡಾ ಇಲಾಖೆ, ಮಹಾತ್ಮಗಾಂಧಿ ಜಿಲ್ಲಾ ಕ್ರೀಡಾಂಗಣ, ತುಮಕೂರು ಇವರಿಗೆ ಸಲ್ಲಿಸಬಹುದು. ಹೆಚ್ಚಿನ ಮಾಹಿತಿಗಾಗಿ ಮೊ.ಸಂ. 8549890509/ 9353321355ನ್ನು ಸಂಪರ್ಕಿಸಬಹುದಾಗಿದೆ ಎಂದು ಇಲಾಖೆಯ ಸಹಾಯಕ ನಿರ್ದೇಶಕ ರೋಹಿತ್ ಗಂಗಾಧರ್ ತಿಳಿಸಿದ್ದಾರೆ.
ಎಸ್ಸೆಸ್ಸೆಲ್ಸಿ ಪರೀಕ್ಷೆ:
ವಿದ್ಯಾರ್ಥಿಗೆ ಸನ್ಮಾನ
ತುಮಕೂರು: ಅಕಾಶ ಗಂಗಾ ಚಾರಿಟೇಬಲ್ ಟ್ರಸ್ಟ್ ಹಾಲು ಹಾದಿ ರೆಸಿಡೆನ್ಸಿ ತುಮಕೂರು ವತಿಯಿಂದ ಕನ್ನಡ ಕಸ್ತೂರಿ ಕಾರ್ಯಕ್ರಮದ ಅಡಿಯಲ್ಲಿ 2025 ಸಾಲಿನ SSLC ಪರೀಕ್ಷೆಯಲ್ಲಿ ಕನ್ನಡ ವಿಷಯದಲ್ಲಿ 125 ಅಂಕಗಳಿಗೆ 125 ಅಂಕಗಳನ್ನು ಪಡೆದಿರುವ ತುಮಕೂರು ನಗರದ KPS ಶಾಲೆಯ ವಿದ್ಯಾರ್ಥಿನಿ ಕುಮಾರಿ ಚೇತನ ಸಿ.ಟಿ ಅವರ ಮನೆಗೆ ಭೇಟಿ ನೀಡಿ ಶಾಲು ಹೊದಿಸಿ ಫಲ ತಾಂಬೂಲ ನೀಡಿ ಗೌರವಿಸಿ ನಗದು ಬಹುಮಾನ ನೀಡಿ ಸನ್ಮಾನಿಸಲಾಯಿತು. ಕುಮಾರಿ ಚೇತನ ಅವರು ಶಿಕ್ಷಕರ ಮಾರ್ಗದರ್ಶನ ಹಾಗೂ ಪೋಷಕರ ಪ್ರೋತ್ಸಾಹದಿಂದ ಈ ಸಾಧನೆ ಮಾಡಿರುವುದಾಗಿ ತಿಳಿಸಿದರು. ಕನ್ನಡ ಭಾಷಾ ವಿಷಯದಲ್ಲಿ 125 ಕ್ಕೆ 125 ಅಂಕ ಪಡೆದ ಪ್ರಯುಕ್ತ ಆಕಾಶ ಗಂಗಾ ಚಾರಿಟೇಬಲ್ ಟ್ರಸ್ಟ್ ಅಧ್ಯಕ್ಷರು, ಕಾರ್ಯದರ್ಶಿಗಳು ಹಾಗೂ ಸದಸ್ಯರು ಸನ್ಮಾನಿಸಿ ಶುಭ ಹಾರೈಸಿದರು. ಈ ಸಂದರ್ಭದಲ್ಲಿ ವಿದ್ಯಾರ್ಥಿನಿಯ ಪೋಷಕರು, ಶಾಲಾ ಶಿಕ್ಷಕರು, ಟ್ರಸ್ಟ್‌ನ ಪದಾಧಿಕಾರಿಗಳು ಉಪಸ್ಥಿತರಿದ್ದರು.
ಜಾಹೀರಾತು ಪತ್ರಿಕೆಗಳಿಗೆ
ಸಂಪರ್ಕಿಸಿ: 9901764372
ನೆರೆ ನಿರ್ವಹಣೆಗೆ ಕ್ರಮ ಕೈಗೊಳ್ಳಿ: ಡೀಸಿ ಶುಭಾಕಲ್ಯಾಣ್
ತುಮಕೂರು: ಮುಂಗಾರು ಮತ್ತು ಹಿಂಗಾರು ಹಂಗಾಮಿನಲ್ಲಿ ವಾಡಿಕೆಗಿಂತ ಹೆಚ್ಚಿನ ಪ್ರಮಾಣದಲ್ಲಿ ಮಳೆಯಾಗುವ ಸಾಧ್ಯತೆಯಿದೆ ಎಂದು ಭಾರತೀಯ ಹವಾಮಾನ ಇಲಾಖೆ ಮುನ್ಸೂಚನೆ ನೀಡಿರುವುದರಿಂದ ಜಿಲ್ಲೆಯಲ್ಲಿ ನೆರೆ ಪರಿಸ್ಥಿತಿ ಸಂಭವಿಸಿದಲ್ಲಿ ಎದುರಿಸಲು ಅಧಿಕಾರಿಗಳು ಅಗತ್ಯ ಕ್ರಮ ಕೈಗೊಳ್ಳಬೇಕೆಂದು ಜಿಲ್ಲಾಧಿಕಾರಿ ಶುಭ ಕಲ್ಯಾಣ್ ಅಧಿಕಾರಿಗಳಿಗೆ ಸೂಚನೆಗಳನ್ನು ನೀಡಿದ್ದಾರೆ. ಜಿಲ್ಲಾಧಿಕಾರಿಗಳ ಕಚೇರಿ ಸಭಾಂಗಣದಲ್ಲಿ ನಡೆದ ಸಭೆಯಲ್ಲಿ ಮಾತನಾಡಿದ ಅವರು, 2024ರ ಸಾಲಿನಲ್ಲಿ ಜಿಲ್ಲೆಯ ಕುಣಿಗಲ್, ಶಿರಾ, ಕೊರಟಗೆರೆ, ಪಾವಗಡ ಮತ್ತು ಮಧುಗಿರಿ ತಾಲ್ಲೂಕುಗಳಲ್ಲಿ ಹೆಚ್ಚಿನ ಮಳೆಯಾಗಿ ಪ್ರವಾಹ ಪರಿಸ್ಥಿತಿ ಉಂಟಾಗಿತ್ತು.
ಬಹುತೇಕ ಕೆರೆಗಳಲ್ಲಿ ಹೆಚ್ಚಿನ ಪ್ರಮಾಣದಲ್ಲಿ ನೀರು ತುಂಬಿರುವ ಹಿನ್ನೆಲೆಯಲ್ಲಿ ಜನ-ಜಾನುವಾರುಗಳ ಪ್ರಾಣ ಹಾನಿಯಾಗದಂತೆ ಮುನ್ನೆಚ್ಚರಿಕೆ ಕ್ರಮ ವಹಿಸಬೇಕು. ಕೆರೆ ಕಟ್ಟೆಗಳ ದುರಸ್ತಿ, ಚರಂಡಿಗಳ ಸ್ವಚ್ಛತೆ, ರಾಜಕಾಲುವೆಗಳ ಒತ್ತುವರಿ ತೆರವು, ಶಿಥಿಲ ಕಟ್ಟಡಗಳ ಗುರುತಿಸುವಿಕೆ, ವಿದ್ಯುತ್ ಕಂಬಗಳ ಪರಿಶೀಲನೆ ಸೇರಿದಂತೆ ಅಗತ್ಯ ಕಾಮಗಾರಿಗಳನ್ನು ತುರ್ತಾಗಿ ಕೈಗೊಳ್ಳಬೇಕು. ನೆರೆ ಹಾವಳಿ ಸಂಭವಿಸಿದಲ್ಲಿ ಜನರನ್ನು ಸುರಕ್ಷಿತ ಸ್ಥಳಗಳಿಗೆ ಸ್ಥಳಾಂತರಿಸಲು ಕಾಳಜಿ ಕೇಂದ್ರಗಳನ್ನು ಗುರುತಿಸಿ ಅಗತ್ಯ ಮೂಲಸೌಕರ್ಯ ಕಲ್ಪಿಸಬೇಕು.
ಮತ್ತು ಸಂಬಂಧಪಟ್ಟ ಎಲ್ಲಾ ಇಲಾಖೆಗಳ ಜಿಲ್ಲಾ/ತಾಲ್ಲೂಕು ಮಟ್ಟದ ಅಧಿಕಾರಿಗಳು ತುರ್ತು ಪರಿಸ್ಥಿತಿಯಲ್ಲಿ ಕಡ್ಡಾಯವಾಗಿ ತಮ್ಮ ಕೇಂದ್ರ ಸ್ಥಾನದಲ್ಲಿದ್ದು ಕಾರ್ಯನಿರ್ವಹಿಸಬೇಕು. ಅಗ್ನಿಶಾಮಕ, ಪೊಲೀಸ್, ಆರೋಗ್ಯ, ಕಂದಾಯ, ಪಂಚಾಯತ್ ರಾಜ್ ಇಲಾಖೆಗಳು ಸಮನ್ವಯದಿಂದ ಕಾರ್ಯನಿರ್ವಹಿಸಬೇಕು. ಸಾರ್ವಜನಿಕರಿಗೆ ಹವಾಮಾನ ಮುನ್ಸೂಚನೆ ಮಾಹಿತಿಯನ್ನು ಸಕಾಲದಲ್ಲಿ ತಲುಪಿಸಬೇಕು. ನದಿ/ಹಳ್ಳ/ಕೆರೆಗಳ ಪಕ್ಕದಲ್ಲಿ ವಾಸಿಸುವವರಿಗೆ ಎಚ್ಚರಿಕೆ ನೀಡಬೇಕು. ತುರ್ತು ಸಂದರ್ಭಗಳಲ್ಲಿ ಜಿಲ್ಲಾ ನಿಯಂತ್ರಣ ಕೊಠಡಿ ದಿನದ 24 ಗಂಟೆ ಕಾರ್ಯನಿರ್ವಹಿಸಬೇಕು ಎಂದು ಸೂಚಿಸಿದರು.
ಸಾಮಗ್ರಿಗಳನ್ನು ಸಿದ್ಧವಾಗಿಟ್ಟುಕೊಳ್ಳಬೇಕೆಂದು ಸೂಚಿಸಿದರು. ನೆರೆ ಸಂದರ್ಭದಲ್ಲಿ ಉತ್ತಮ ಆಹಾರ, ಶುದ್ಧ ಕುಡಿಯುವ ನೀರು, ಬಟ್ಟೆ ಔಷಧಿ ಹಾಗೂ ತಾತ್ಕಾಲಿಕ ವಸತಿ ವ್ಯವಸ್ಥೆ ಕಲ್ಪಿಸಬೇಕು. ಸಾಂಕ್ರಾಮಿಕ ರೋಗಗಳು ಹರಡದಂತೆ ಆರೋಗ್ಯ ಇಲಾಖೆ ಎಚ್ಚರ ವಹಿಸಬೇಕು. ಶಿಥಿಲಾವಸ್ಥೆಯಲ್ಲಿರುವ ಶಾಲಾ ಕಟ್ಟಡಗಳ ಬಗ್ಗೆ ಶಿಕ್ಷಣ ಇಲಾಖೆ ಗಮನಹರಿಸಿ ಮಕ್ಕಳ ಸುರಕ್ಷತೆಗೆ ಆದ್ಯತೆ ನೀಡಬೇಕು. ವಿದ್ಯುತ್ ಅವಘಡಗಳು ಸಂಭವಿಸದಂತೆ ಬೆಸ್ಕಾಂ ಎಚ್ಚರ ವಹಿಸಬೇಕು. ಸಭೆಯಲ್ಲಿ ಅಪರ ಜಿಲ್ಲಾಧಿಕಾರಿ, ಉಪವಿಭಾಗಾಧಿಕಾರಿಗಳು, ತಹಶೀಲ್ದಾರರು ಹಾಗೂ ವಿವಿಧ ಇಲಾಖೆಗಳ ಅಧಿಕಾರಿಗಳು ಉಪಸ್ಥಿತರಿದ್ದರು.
Printed by: H.S. PARAMESH,7th Cross, Srirama Nagara, Tumakuru-572101,Tumakuru Dist. Karnataka, Published & Owned by: RAGHU A.N,New Extension, Arakere post, Tumakuru-572106, Printed at : SRI LAKSHMI NARASIMHA OFFSET PRINTERS,7th Cross, Srirama Nagara, Tumakuru-572101,Tumakuru Dist. Karnataka. Published at : At New Extension, Arakere post, Tumakuru -572106, Tumakuru Dist, Karnataka. Editor : RAGHU A.N,New Extension, Arakere post, Tumakuru-572106, Tumakuru Dist, Karnataka.
